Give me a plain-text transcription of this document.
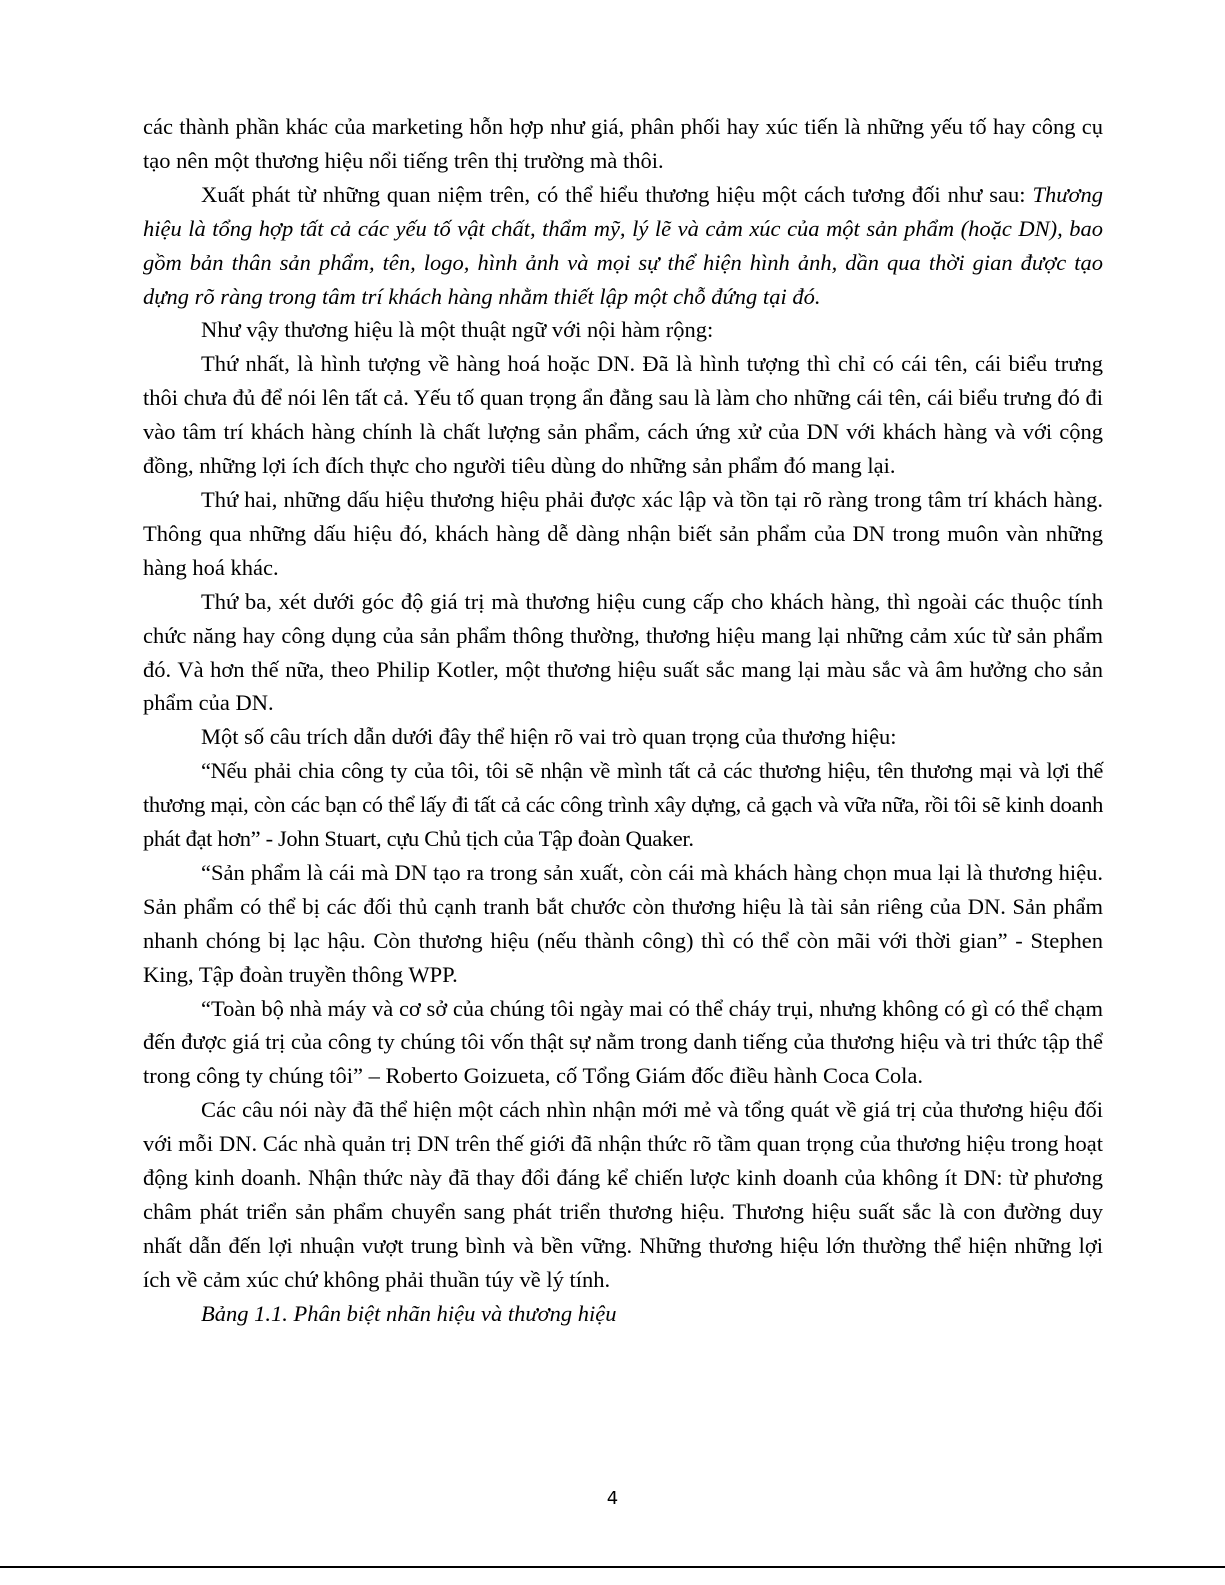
các thành phần khác của marketing hỗn hợp như giá, phân phối hay xúc tiến là những yếu tố hay công cụ tạo nên một thương hiệu nổi tiếng trên thị trường mà thôi.

Xuất phát từ những quan niệm trên, có thể hiểu thương hiệu một cách tương đối như sau: Thương hiệu là tổng hợp tất cả các yếu tố vật chất, thẩm mỹ, lý lẽ và cảm xúc của một sản phẩm (hoặc DN), bao gồm bản thân sản phẩm, tên, logo, hình ảnh và mọi sự thể hiện hình ảnh, dần qua thời gian được tạo dựng rõ ràng trong tâm trí khách hàng nhằm thiết lập một chỗ đứng tại đó.

Như vậy thương hiệu là một thuật ngữ với nội hàm rộng:

Thứ nhất, là hình tượng về hàng hoá hoặc DN. Đã là hình tượng thì chỉ có cái tên, cái biểu trưng thôi chưa đủ để nói lên tất cả. Yếu tố quan trọng ẩn đằng sau là làm cho những cái tên, cái biểu trưng đó đi vào tâm trí khách hàng chính là chất lượng sản phẩm, cách ứng xử của DN với khách hàng và với cộng đồng, những lợi ích đích thực cho người tiêu dùng do những sản phẩm đó mang lại.

Thứ hai, những dấu hiệu thương hiệu phải được xác lập và tồn tại rõ ràng trong tâm trí khách hàng. Thông qua những dấu hiệu đó, khách hàng dễ dàng nhận biết sản phẩm của DN trong muôn vàn những hàng hoá khác.

Thứ ba, xét dưới góc độ giá trị mà thương hiệu cung cấp cho khách hàng, thì ngoài các thuộc tính chức năng hay công dụng của sản phẩm thông thường, thương hiệu mang lại những cảm xúc từ sản phẩm đó. Và hơn thế nữa, theo Philip Kotler, một thương hiệu suất sắc mang lại màu sắc và âm hưởng cho sản phẩm của DN.

Một số câu trích dẫn dưới đây thể hiện rõ vai trò quan trọng của thương hiệu:

“Nếu phải chia công ty của tôi, tôi sẽ nhận về mình tất cả các thương hiệu, tên thương mại và lợi thế thương mại, còn các bạn có thể lấy đi tất cả các công trình xây dựng, cả gạch và vữa nữa, rồi tôi sẽ kinh doanh phát đạt hơn” - John Stuart, cựu Chủ tịch của Tập đoàn Quaker.

“Sản phẩm là cái mà DN tạo ra trong sản xuất, còn cái mà khách hàng chọn mua lại là thương hiệu. Sản phẩm có thể bị các đối thủ cạnh tranh bắt chước còn thương hiệu là tài sản riêng của DN. Sản phẩm nhanh chóng bị lạc hậu. Còn thương hiệu (nếu thành công) thì có thể còn mãi với thời gian” - Stephen King, Tập đoàn truyền thông WPP.

“Toàn bộ nhà máy và cơ sở của chúng tôi ngày mai có thể cháy trụi, nhưng không có gì có thể chạm đến được giá trị của công ty chúng tôi vốn thật sự nằm trong danh tiếng của thương hiệu và tri thức tập thể trong công ty chúng tôi” – Roberto Goizueta, cố Tổng Giám đốc điều hành Coca Cola.

Các câu nói này đã thể hiện một cách nhìn nhận mới mẻ và tổng quát về giá trị của thương hiệu đối với mỗi DN. Các nhà quản trị DN trên thế giới đã nhận thức rõ tầm quan trọng của thương hiệu trong hoạt động kinh doanh. Nhận thức này đã thay đổi đáng kể chiến lược kinh doanh của không ít DN: từ phương châm phát triển sản phẩm chuyển sang phát triển thương hiệu. Thương hiệu suất sắc là con đường duy nhất dẫn đến lợi nhuận vượt trung bình và bền vững. Những thương hiệu lớn thường thể hiện những lợi ích về cảm xúc chứ không phải thuần túy về lý tính.

Bảng 1.1. Phân biệt nhãn hiệu và thương hiệu

4
